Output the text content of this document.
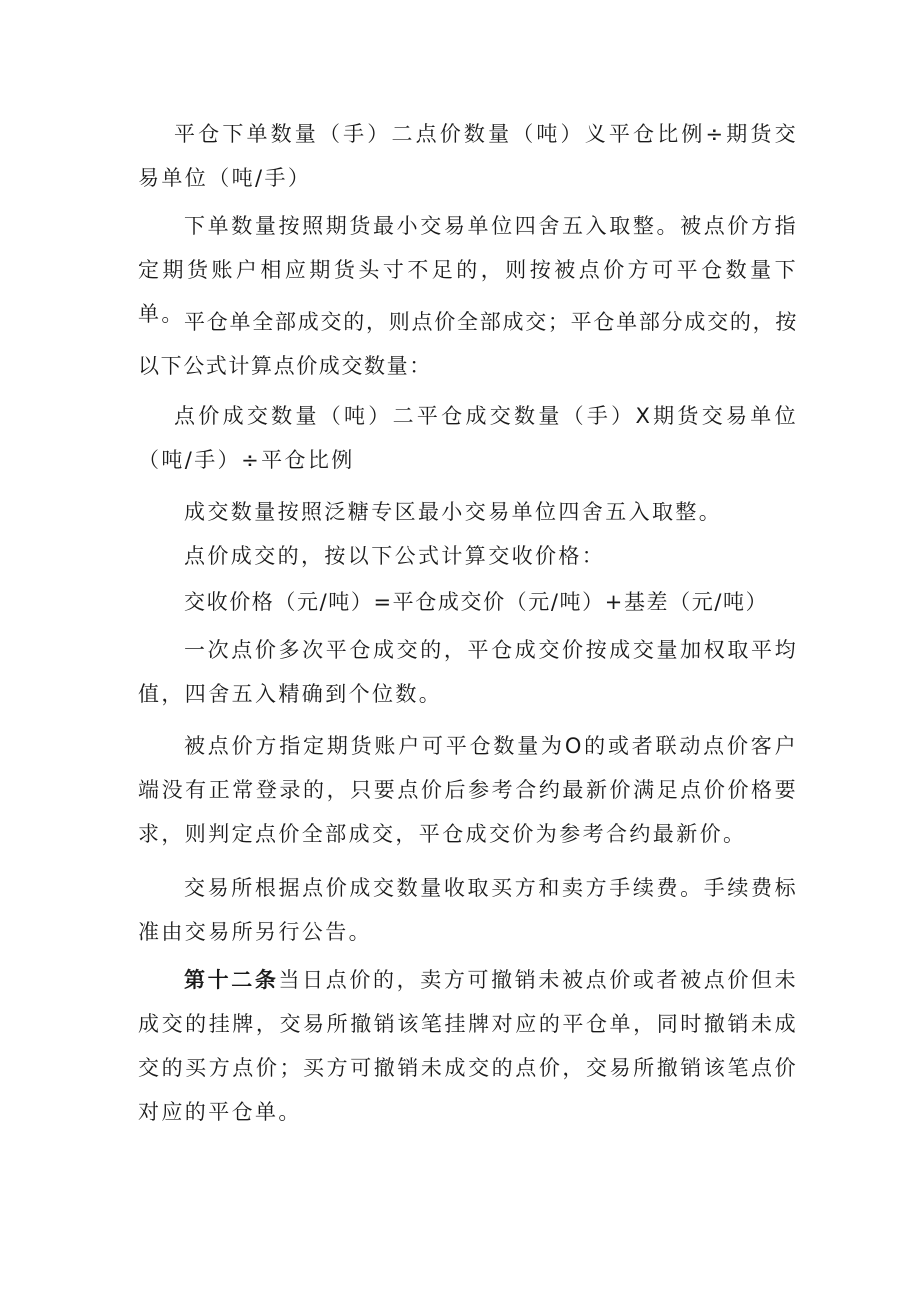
平仓下单数量（手）二点价数量（吨）义平仓比例÷期货交易单位（吨/手）

下单数量按照期货最小交易单位四舍五入取整。被点价方指定期货账户相应期货头寸不足的，则按被点价方可平仓数量下单。 平仓单全部成交的，则点价全部成交；平仓单部分成交的，按以下公式计算点价成交数量：

点价成交数量（吨）二平仓成交数量（手）X期货交易单位（吨/手）÷平仓比例

成交数量按照泛糖专区最小交易单位四舍五入取整。

点价成交的，按以下公式计算交收价格：

交收价格（元/吨）=平仓成交价（元/吨）+基差（元/吨）

一次点价多次平仓成交的，平仓成交价按成交量加权取平均值，四舍五入精确到个位数。

被点价方指定期货账户可平仓数量为O的或者联动点价客户端没有正常登录的，只要点价后参考合约最新价满足点价价格要求，则判定点价全部成交，平仓成交价为参考合约最新价。

交易所根据点价成交数量收取买方和卖方手续费。手续费标准由交易所另行公告。

第十二条当日点价的，卖方可撤销未被点价或者被点价但未成交的挂牌，交易所撤销该笔挂牌对应的平仓单，同时撤销未成交的买方点价；买方可撤销未成交的点价，交易所撤销该笔点价对应的平仓单。
